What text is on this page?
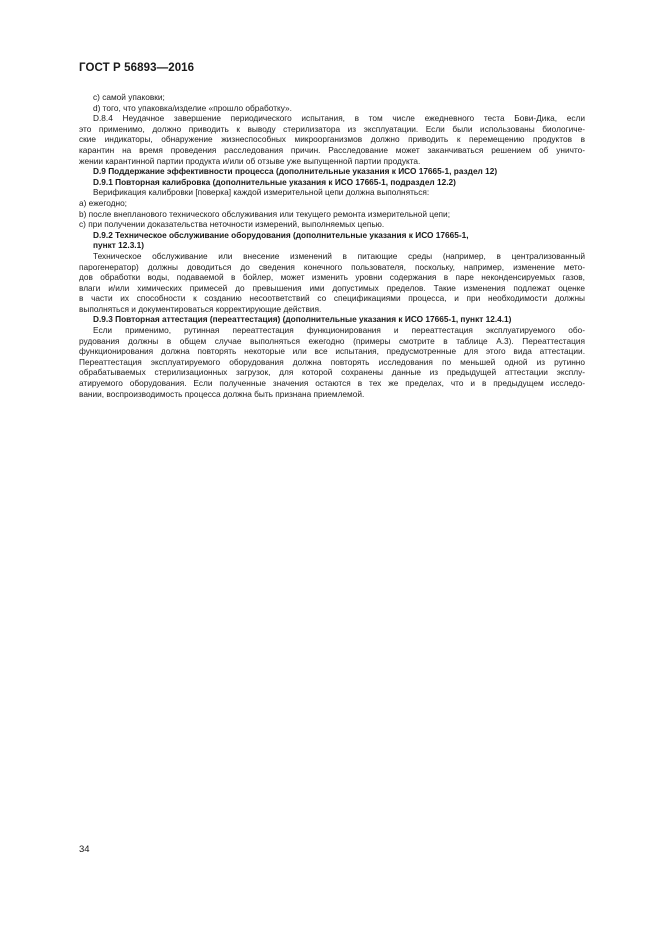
ГОСТ Р 56893—2016

c) самой упаковки;

d) того, что упаковка/изделие «прошло обработку».

D.8.4 Неудачное завершение периодического испытания, в том числе ежедневного теста Бови-Дика, если

это применимо, должно приводить к выводу стерилизатора из эксплуатации. Если были использованы биологиче-

ские индикаторы, обнаружение жизнеспособных микроорганизмов должно приводить к перемещению продуктов в

карантин на время проведения расследования причин. Расследование может заканчиваться решением об уничто-

жении карантинной партии продукта и/или об отзыве уже выпущенной партии продукта.

D.9 Поддержание эффективности процесса (дополнительные указания к ИСО 17665-1, раздел 12)

D.9.1 Повторная калибровка (дополнительные указания к ИСО 17665-1, подраздел 12.2)

Верификация калибровки [поверка] каждой измерительной цепи должна выполняться:

а) ежегодно;

b) после внепланового технического обслуживания или текущего ремонта измерительной цепи;

c) при получении доказательства неточности измерений, выполняемых цепью.

D.9.2 Техническое обслуживание оборудования (дополнительные указания к ИСО 17665-1,

пункт 12.3.1)

Техническое обслуживание или внесение изменений в питающие среды (например, в централизованный

парогенератор) должны доводиться до сведения конечного пользователя, поскольку, например, изменение мето-

дов обработки воды, подаваемой в бойлер, может изменить уровни содержания в паре неконденсируемых газов,

влаги и/или химических примесей до превышения ими допустимых пределов. Такие изменения подлежат оценке

в части их способности к созданию несоответствий со спецификациями процесса, и при необходимости должны

выполняться и документироваться корректирующие действия.

D.9.3 Повторная аттестация (переаттестация) (дополнительные указания к ИСО 17665-1, пункт 12.4.1)

Если применимо, рутинная переаттестация функционирования и переаттестация эксплуатируемого обо-

рудования должны в общем случае выполняться ежегодно (примеры смотрите в таблице А.3). Переаттестация

функционирования должна повторять некоторые или все испытания, предусмотренные для этого вида аттестации.

Переаттестация эксплуатируемого оборудования должна повторять исследования по меньшей одной из рутинно

обрабатываемых стерилизационных загрузок, для которой сохранены данные из предыдущей аттестации эксплу-

атируемого оборудования. Если полученные значения остаются в тех же пределах, что и в предыдущем исследо-

вании, воспроизводимость процесса должна быть признана приемлемой.

34
